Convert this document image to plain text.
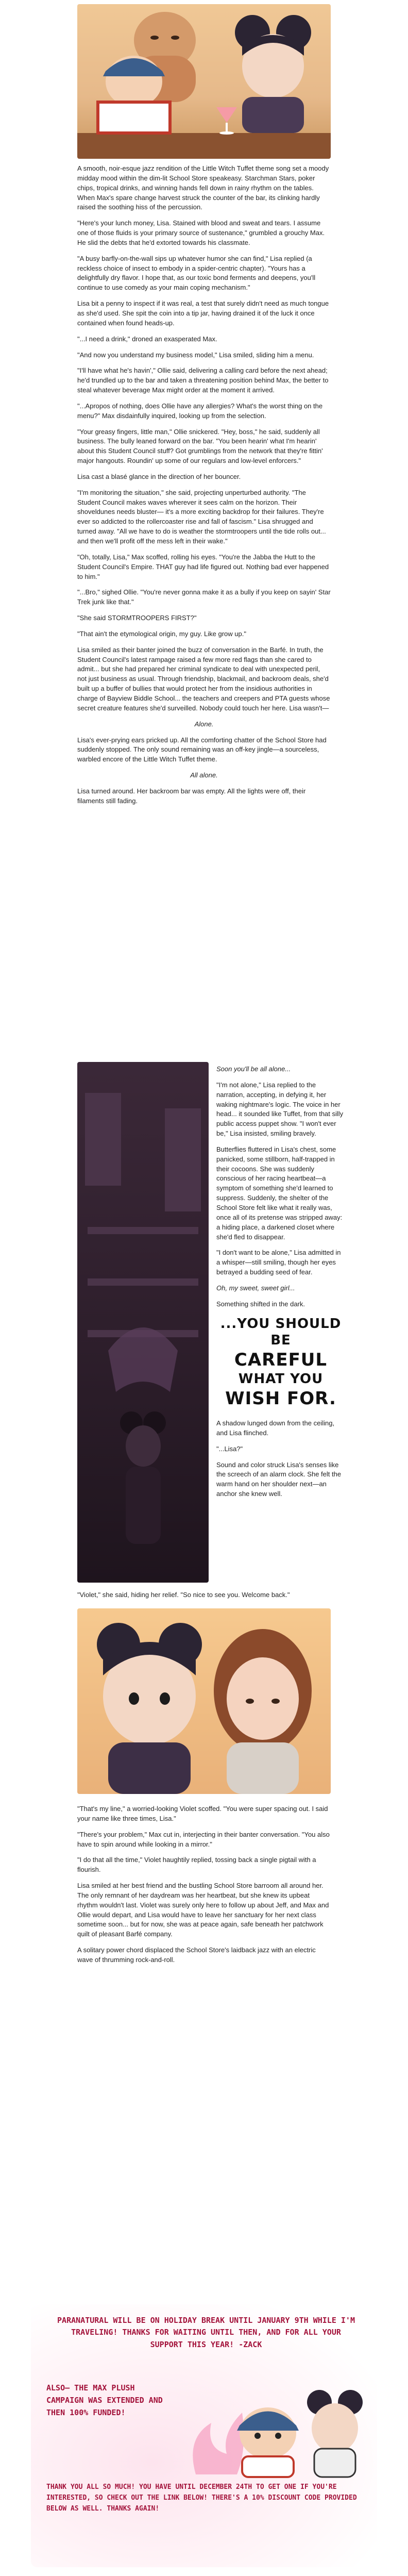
A smooth, noir-esque jazz rendition of the Little Witch Tuffet theme song set a moody midday mood within the dim-lit School Store speakeasy. Starchman Stars, poker chips, tropical drinks, and winning hands fell down in rainy rhythm on the tables. When Max's spare change harvest struck the counter of the bar, its clinking hardly raised the soothing hiss of the percussion.

"Here's your lunch money, Lisa. Stained with blood and sweat and tears. I assume one of those fluids is your primary source of sustenance," grumbled a grouchy Max. He slid the debts that he'd extorted towards his classmate.

"A busy barfly-on-the-wall sips up whatever humor she can find," Lisa replied (a reckless choice of insect to embody in a spider-centric chapter). "Yours has a delightfully dry flavor. I hope that, as our toxic bond ferments and deepens, you'll continue to use comedy as your main coping mechanism."

Lisa bit a penny to inspect if it was real, a test that surely didn't need as much tongue as she'd used. She spit the coin into a tip jar, having drained it of the luck it once contained when found heads-up.

"...I need a drink," droned an exasperated Max.

"And now you understand my business model," Lisa smiled, sliding him a menu.

"I'll have what he's havin'," Ollie said, delivering a calling card before the next ahead; he'd trundled up to the bar and taken a threatening position behind Max, the better to steal whatever beverage Max might order at the moment it arrived.

"...Apropos of nothing, does Ollie have any allergies? What's the worst thing on the menu?" Max disdainfully inquired, looking up from the selection.

"Your greasy fingers, little man," Ollie snickered. "Hey, boss," he said, suddenly all business. The bully leaned forward on the bar. "You been hearin' what I'm hearin' about this Student Council stuff? Got grumblings from the network that they're fittin' major hangouts. Roundin' up some of our regulars and low-level enforcers."

Lisa cast a blasé glance in the direction of her bouncer.

"I'm monitoring the situation," she said, projecting unperturbed authority. "The Student Council makes waves wherever it sees calm on the horizon. Their shoveldunes needs bluster— it's a more exciting backdrop for their failures. They're ever so addicted to the rollercoaster rise and fall of fascism." Lisa shrugged and turned away. "All we have to do is weather the stormtroopers until the tide rolls out... and then we'll profit off the mess left in their wake."

"Oh, totally, Lisa," Max scoffed, rolling his eyes. "You're the Jabba the Hutt to the Student Council's Empire. THAT guy had life figured out. Nothing bad ever happened to him."

"...Bro," sighed Ollie. "You're never gonna make it as a bully if you keep on sayin' Star Trek junk like that."

"She said STORMTROOPERS FIRST?"

"That ain't the etymological origin, my guy. Like grow up."

Lisa smiled as their banter joined the buzz of conversation in the Barfé. In truth, the Student Council's latest rampage raised a few more red flags than she cared to admit... but she had prepared her criminal syndicate to deal with unexpected peril, not just business as usual. Through friendship, blackmail, and backroom deals, she'd built up a buffer of bullies that would protect her from the insidious authorities in charge of Bayview Biddle School... the teachers and creepers and PTA guests whose secret creature features she'd surveilled. Nobody could touch her here. Lisa wasn't—

Alone.

Lisa's ever-prying ears pricked up. All the comforting chatter of the School Store had suddenly stopped. The only sound remaining was an off-key jingle—a sourceless, warbled encore of the Little Witch Tuffet theme.

All alone.

Lisa turned around. Her backroom bar was empty. All the lights were off, their filaments still fading.

Soon you'll be all alone...

"I'm not alone," Lisa replied to the narration, accepting, in defying it, her waking nightmare's logic. The voice in her head... it sounded like Tuffet, from that silly public access puppet show. "I won't ever be," Lisa insisted, smiling bravely.

Butterflies fluttered in Lisa's chest, some panicked, some stillborn, half-trapped in their cocoons. She was suddenly conscious of her racing heartbeat—a symptom of something she'd learned to suppress. Suddenly, the shelter of the School Store felt like what it really was, once all of its pretense was stripped away: a hiding place, a darkened closet where she'd fled to disappear.

"I don't want to be alone," Lisa admitted in a whisper—still smiling, though her eyes betrayed a budding seed of fear.

Oh, my sweet, sweet girl...

Something shifted in the dark.

...YOU SHOULD BE
CAREFUL
WHAT YOU
WISH FOR.

A shadow lunged down from the ceiling, and Lisa flinched.

"...Lisa?"

Sound and color struck Lisa's senses like the screech of an alarm clock. She felt the warm hand on her shoulder next—an anchor she knew well.

"Violet," she said, hiding her relief. "So nice to see you. Welcome back."

"That's my line," a worried-looking Violet scoffed. "You were super spacing out. I said your name like three times, Lisa."

"There's your problem," Max cut in, interjecting in their banter conversation. "You also have to spin around while looking in a mirror."

"I do that all the time," Violet haughtily replied, tossing back a single pigtail with a flourish.

Lisa smiled at her best friend and the bustling School Store barroom all around her. The only remnant of her daydream was her heartbeat, but she knew its upbeat rhythm wouldn't last. Violet was surely only here to follow up about Jeff, and Max and Ollie would depart, and Lisa would have to leave her sanctuary for her next class sometime soon... but for now, she was at peace again, safe beneath her patchwork quilt of pleasant Barfé company.

A solitary power chord displaced the School Store's laidback jazz with an electric wave of thrumming rock-and-roll.

PARANATURAL WILL BE ON HOLIDAY BREAK UNTIL JANUARY 9TH WHILE I'M TRAVELING! THANKS FOR WAITING UNTIL THEN, AND FOR ALL YOUR SUPPORT THIS YEAR! -ZACK
ALSO— THE MAX PLUSH CAMPAIGN WAS EXTENDED AND THEN 100% FUNDED!
THANK YOU ALL SO MUCH! YOU HAVE UNTIL DECEMBER 24TH TO GET ONE IF YOU'RE INTERESTED, SO CHECK OUT THE LINK BELOW! THERE'S A 10% DISCOUNT CODE PROVIDED BELOW AS WELL. THANKS AGAIN!
